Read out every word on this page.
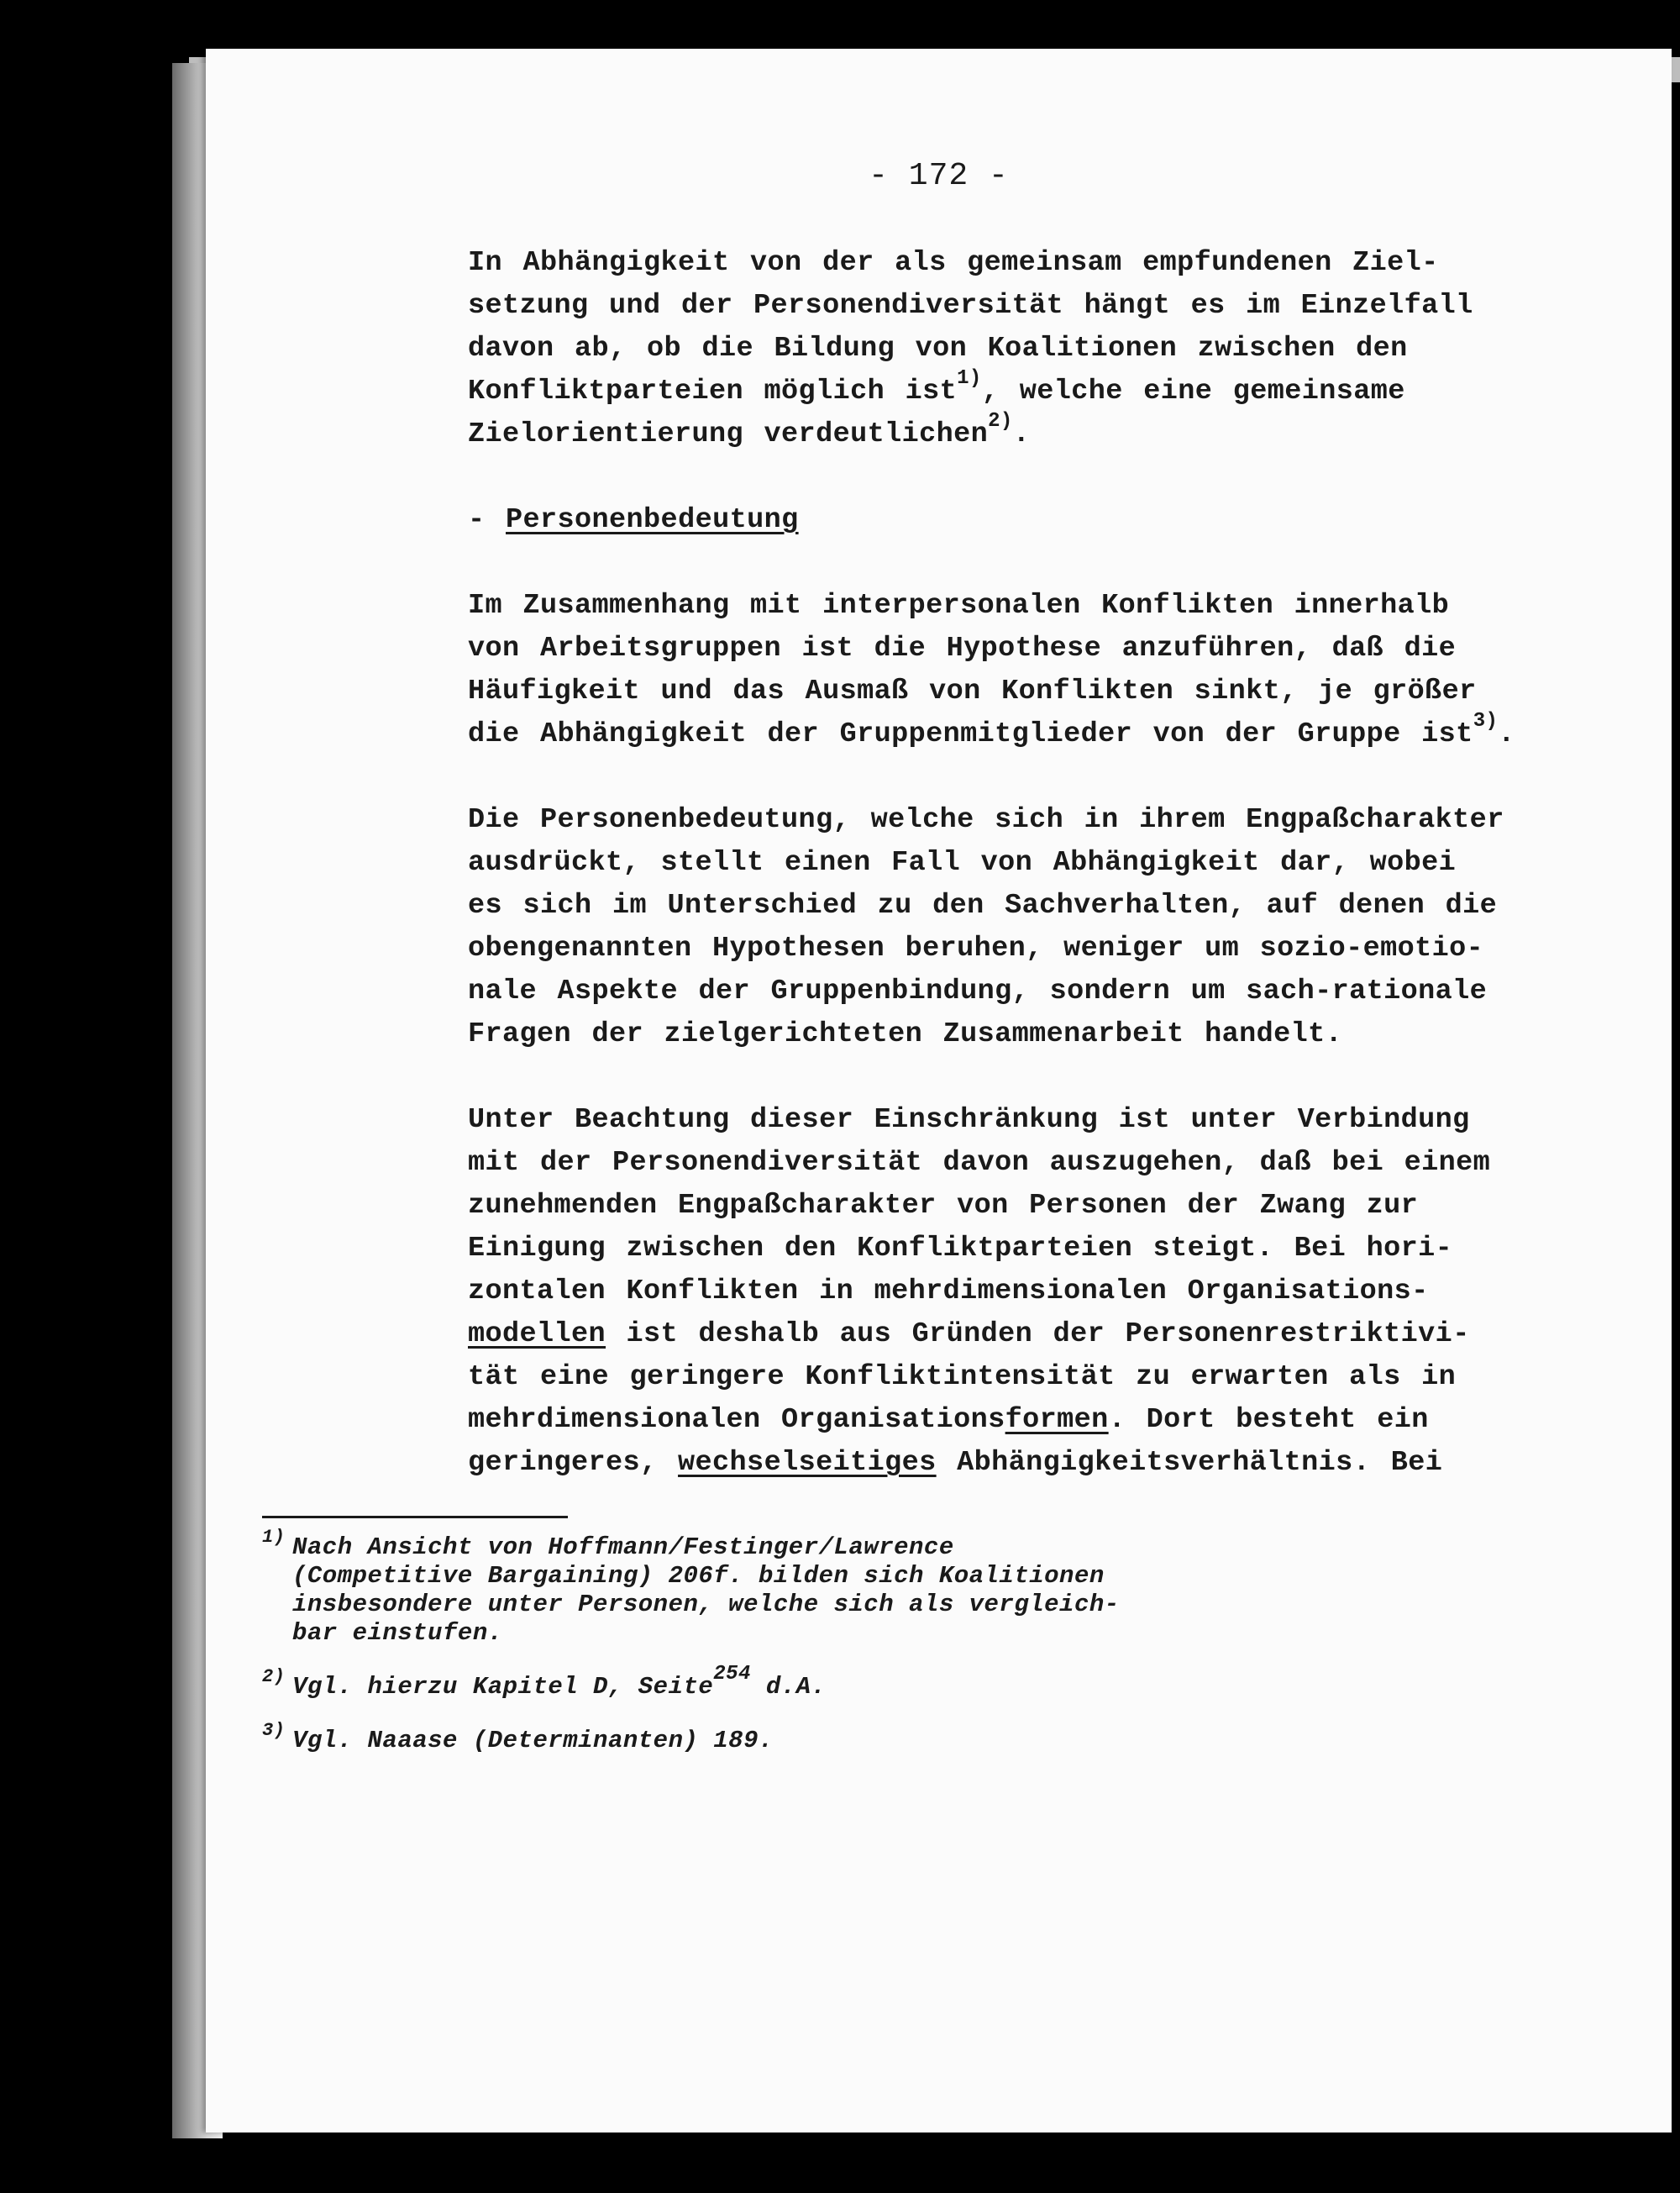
- 172 -

In Abhängigkeit von der als gemeinsam empfundenen Ziel-
setzung und der Personendiversität hängt es im Einzelfall
davon ab, ob die Bildung von Koalitionen zwischen den
Konfliktparteien möglich ist$^{1)}$, welche eine gemeinsame
Zielorientierung verdeutlichen$^{2)}$.

- Personenbedeutung

Im Zusammenhang mit interpersonalen Konflikten innerhalb
von Arbeitsgruppen ist die Hypothese anzuführen, daß die
Häufigkeit und das Ausmaß von Konflikten sinkt, je größer
die Abhängigkeit der Gruppenmitglieder von der Gruppe ist$^{3)}$.

Die Personenbedeutung, welche sich in ihrem Engpaßcharakter
ausdrückt, stellt einen Fall von Abhängigkeit dar, wobei
es sich im Unterschied zu den Sachverhalten, auf denen die
obengenannten Hypothesen beruhen, weniger um sozio-emotio-
nale Aspekte der Gruppenbindung, sondern um sach-rationale
Fragen der zielgerichteten Zusammenarbeit handelt.

Unter Beachtung dieser Einschränkung ist unter Verbindung
mit der Personendiversität davon auszugehen, daß bei einem
zunehmenden Engpaßcharakter von Personen der Zwang zur
Einigung zwischen den Konfliktparteien steigt. Bei hori-
zontalen Konflikten in mehrdimensionalen Organisations-
modellen ist deshalb aus Gründen der Personenrestriktivi-
tät eine geringere Konfliktintensität zu erwarten als in
mehrdimensionalen Organisationsformen. Dort besteht ein
geringeres, wechselseitiges Abhängigkeitsverhältnis. Bei

1) Nach Ansicht von Hoffmann/Festinger/Lawrence
(Competitive Bargaining) 206f. bilden sich Koalitionen
insbesondere unter Personen, welche sich als vergleich-
bar einstufen.
2) Vgl. hierzu Kapitel D, Seite$^{254}$ d.A.
3) Vgl. Naaase (Determinanten) 189.
